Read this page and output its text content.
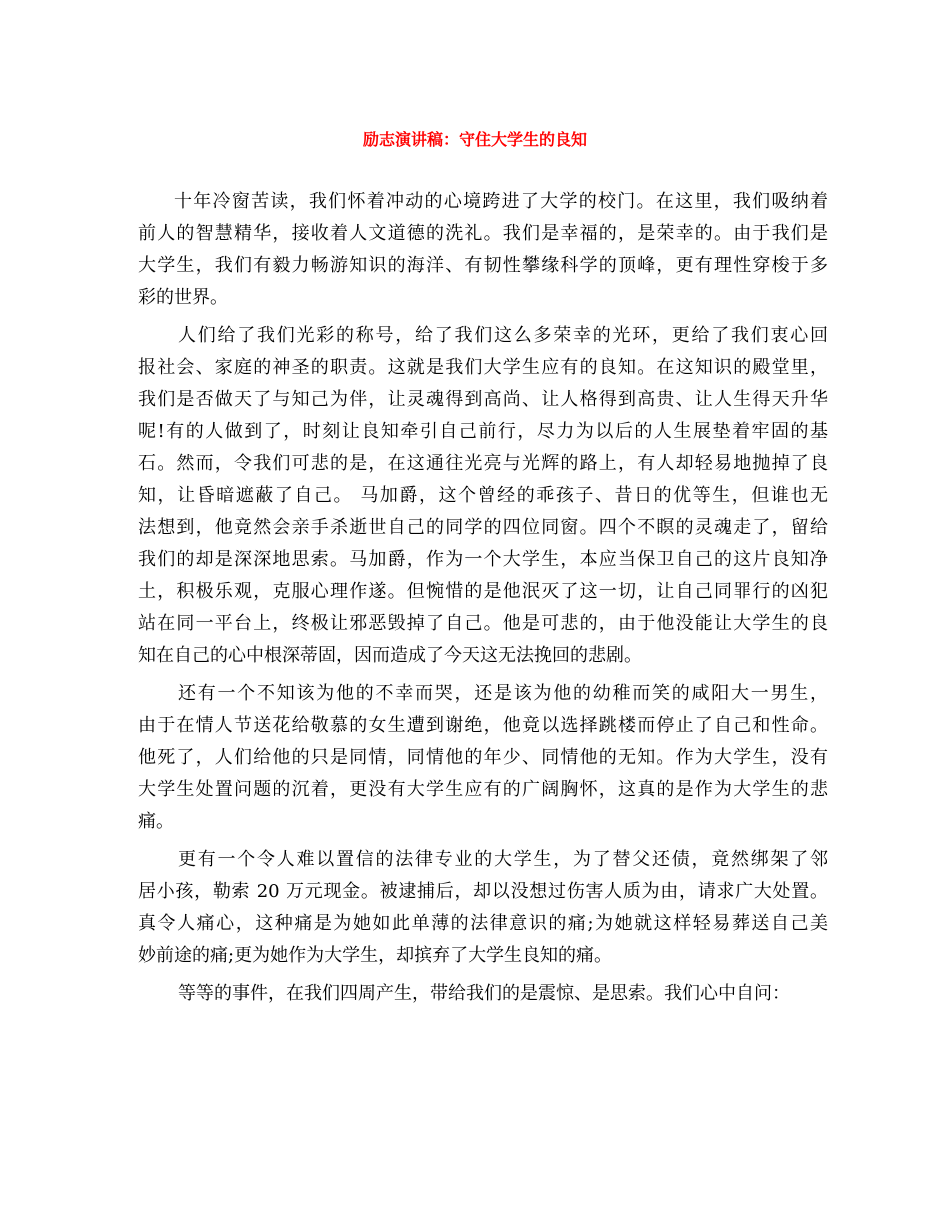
励志演讲稿：守住大学生的良知
十年冷窗苦读，我们怀着冲动的心境跨进了大学的校门。在这里，我们吸纳着
前人的智慧精华，接收着人文道德的洗礼。我们是幸福的，是荣幸的。由于我们是
大学生，我们有毅力畅游知识的海洋、有韧性攀缘科学的顶峰，更有理性穿梭于多
彩的世界。
人们给了我们光彩的称号，给了我们这么多荣幸的光环，更给了我们衷心回
报社会、家庭的神圣的职责。这就是我们大学生应有的良知。在这知识的殿堂里，
我们是否做天了与知己为伴，让灵魂得到高尚、让人格得到高贵、让人生得天升华
呢!有的人做到了，时刻让良知牵引自己前行，尽力为以后的人生展垫着牢固的基
石。然而，令我们可悲的是，在这通往光亮与光辉的路上，有人却轻易地抛掉了良
知，让昏暗遮蔽了自己。 马加爵，这个曾经的乖孩子、昔日的优等生，但谁也无
法想到，他竟然会亲手杀逝世自己的同学的四位同窗。四个不瞑的灵魂走了，留给
我们的却是深深地思索。马加爵，作为一个大学生，本应当保卫自己的这片良知净
土，积极乐观，克服心理作遂。但惋惜的是他泯灭了这一切，让自己同罪行的凶犯
站在同一平台上，终极让邪恶毁掉了自己。他是可悲的，由于他没能让大学生的良
知在自己的心中根深蒂固，因而造成了今天这无法挽回的悲剧。
还有一个不知该为他的不幸而哭，还是该为他的幼稚而笑的咸阳大一男生，
由于在情人节送花给敬慕的女生遭到谢绝，他竟以选择跳楼而停止了自己和性命。
他死了，人们给他的只是同情，同情他的年少、同情他的无知。作为大学生，没有
大学生处置问题的沉着，更没有大学生应有的广阔胸怀，这真的是作为大学生的悲
痛。
更有一个令人难以置信的法律专业的大学生，为了替父还债，竟然绑架了邻
居小孩，勒索 20 万元现金。被逮捕后，却以没想过伤害人质为由，请求广大处置。
真令人痛心，这种痛是为她如此单薄的法律意识的痛;为她就这样轻易葬送自己美
妙前途的痛;更为她作为大学生，却摈弃了大学生良知的痛。
等等的事件，在我们四周产生，带给我们的是震惊、是思索。我们心中自问：
